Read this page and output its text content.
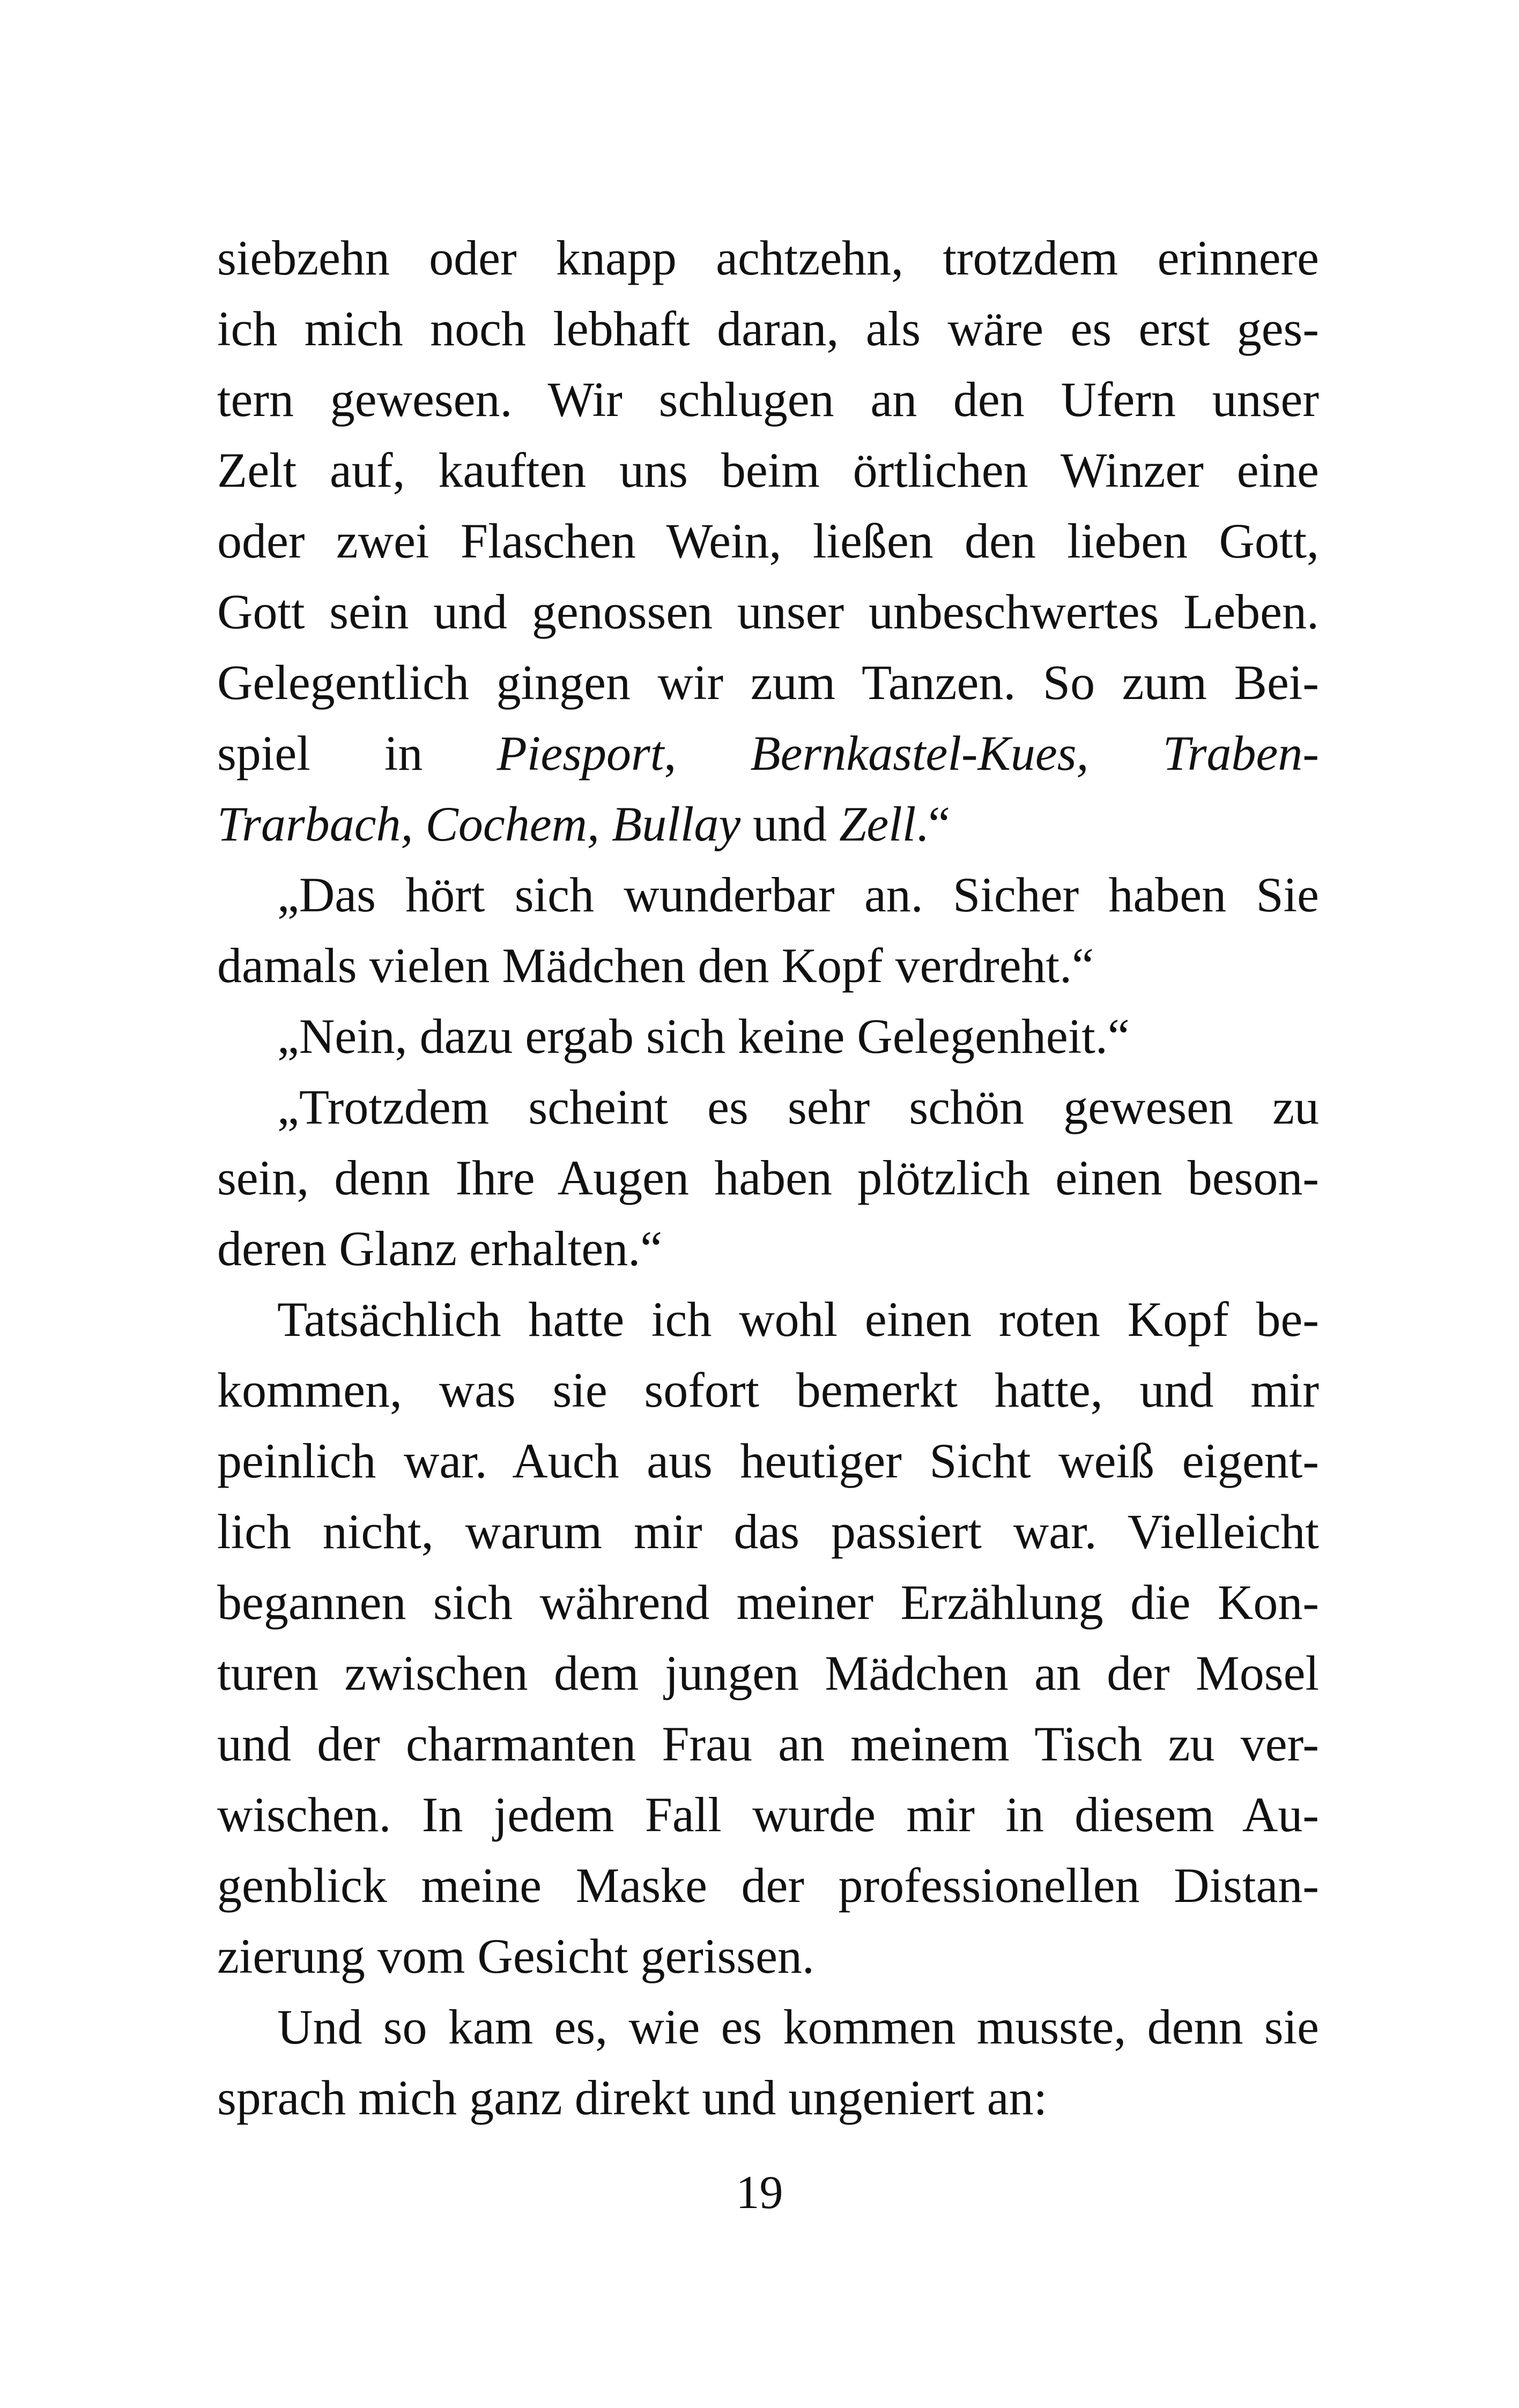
siebzehn oder knapp achtzehn, trotzdem erinnere
ich mich noch lebhaft daran, als wäre es erst ges-
tern gewesen. Wir schlugen an den Ufern unser
Zelt auf, kauften uns beim örtlichen Winzer eine
oder zwei Flaschen Wein, ließen den lieben Gott,
Gott sein und genossen unser unbeschwertes Leben.
Gelegentlich gingen wir zum Tanzen. So zum Bei-
spiel in Piesport, Bernkastel-Kues, Traben-
Trarbach, Cochem, Bullay und Zell.“
„Das hört sich wunderbar an. Sicher haben Sie
damals vielen Mädchen den Kopf verdreht.“
„Nein, dazu ergab sich keine Gelegenheit.“
„Trotzdem scheint es sehr schön gewesen zu
sein, denn Ihre Augen haben plötzlich einen beson-
deren Glanz erhalten.“
Tatsächlich hatte ich wohl einen roten Kopf be-
kommen, was sie sofort bemerkt hatte, und mir
peinlich war. Auch aus heutiger Sicht weiß eigent-
lich nicht, warum mir das passiert war. Vielleicht
begannen sich während meiner Erzählung die Kon-
turen zwischen dem jungen Mädchen an der Mosel
und der charmanten Frau an meinem Tisch zu ver-
wischen. In jedem Fall wurde mir in diesem Au-
genblick meine Maske der professionellen Distan-
zierung vom Gesicht gerissen.
Und so kam es, wie es kommen musste, denn sie
sprach mich ganz direkt und ungeniert an:
19
